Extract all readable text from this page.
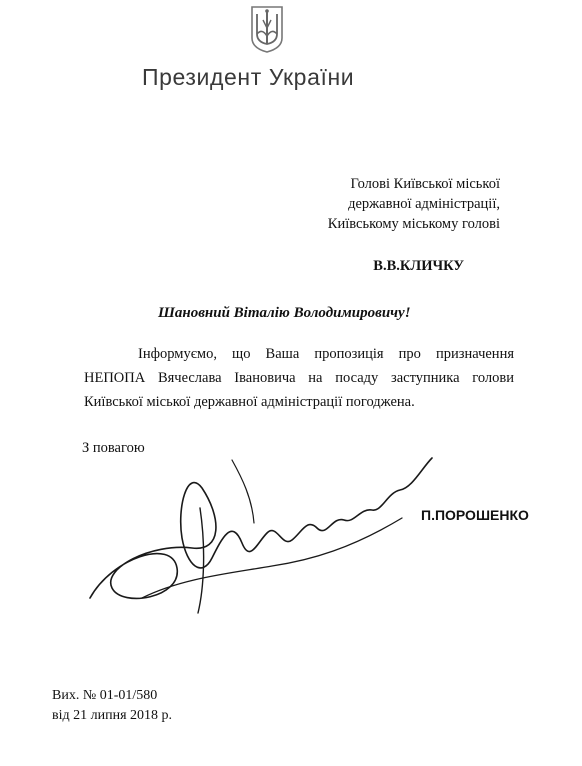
Президент України
Голові Київської міської
державної адміністрації,
Київському міському голові
В.В.КЛИЧКУ
Шановний Віталію Володимировичу!
Інформуємо, що Ваша пропозиція про призначення НЕПОПА Вячеслава Івановича на посаду заступника голови Київської міської державної адміністрації погоджена.
З повагою
П.ПОРОШЕНКО
Вих. № 01-01/580
від 21 липня 2018 р.
